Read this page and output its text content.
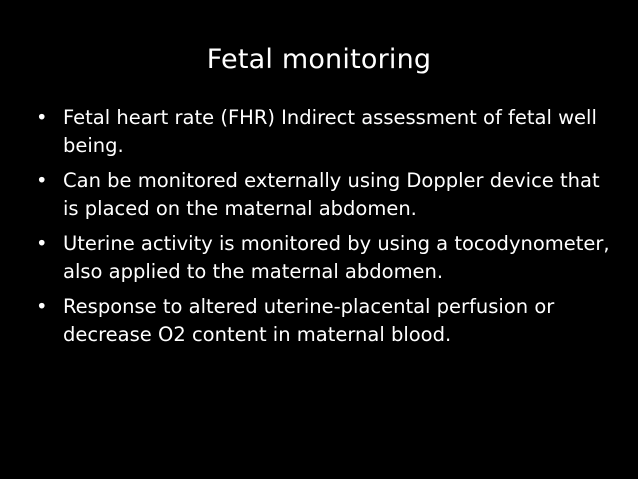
Fetal monitoring
• Fetal heart rate (FHR) Indirect assessment of fetal well being.
• Can be monitored externally using Doppler device that is placed on the maternal abdomen.
• Uterine activity is monitored by using a tocodynometer, also applied to the maternal abdomen.
• Response to altered uterine-placental perfusion or decrease O2 content in maternal blood.
